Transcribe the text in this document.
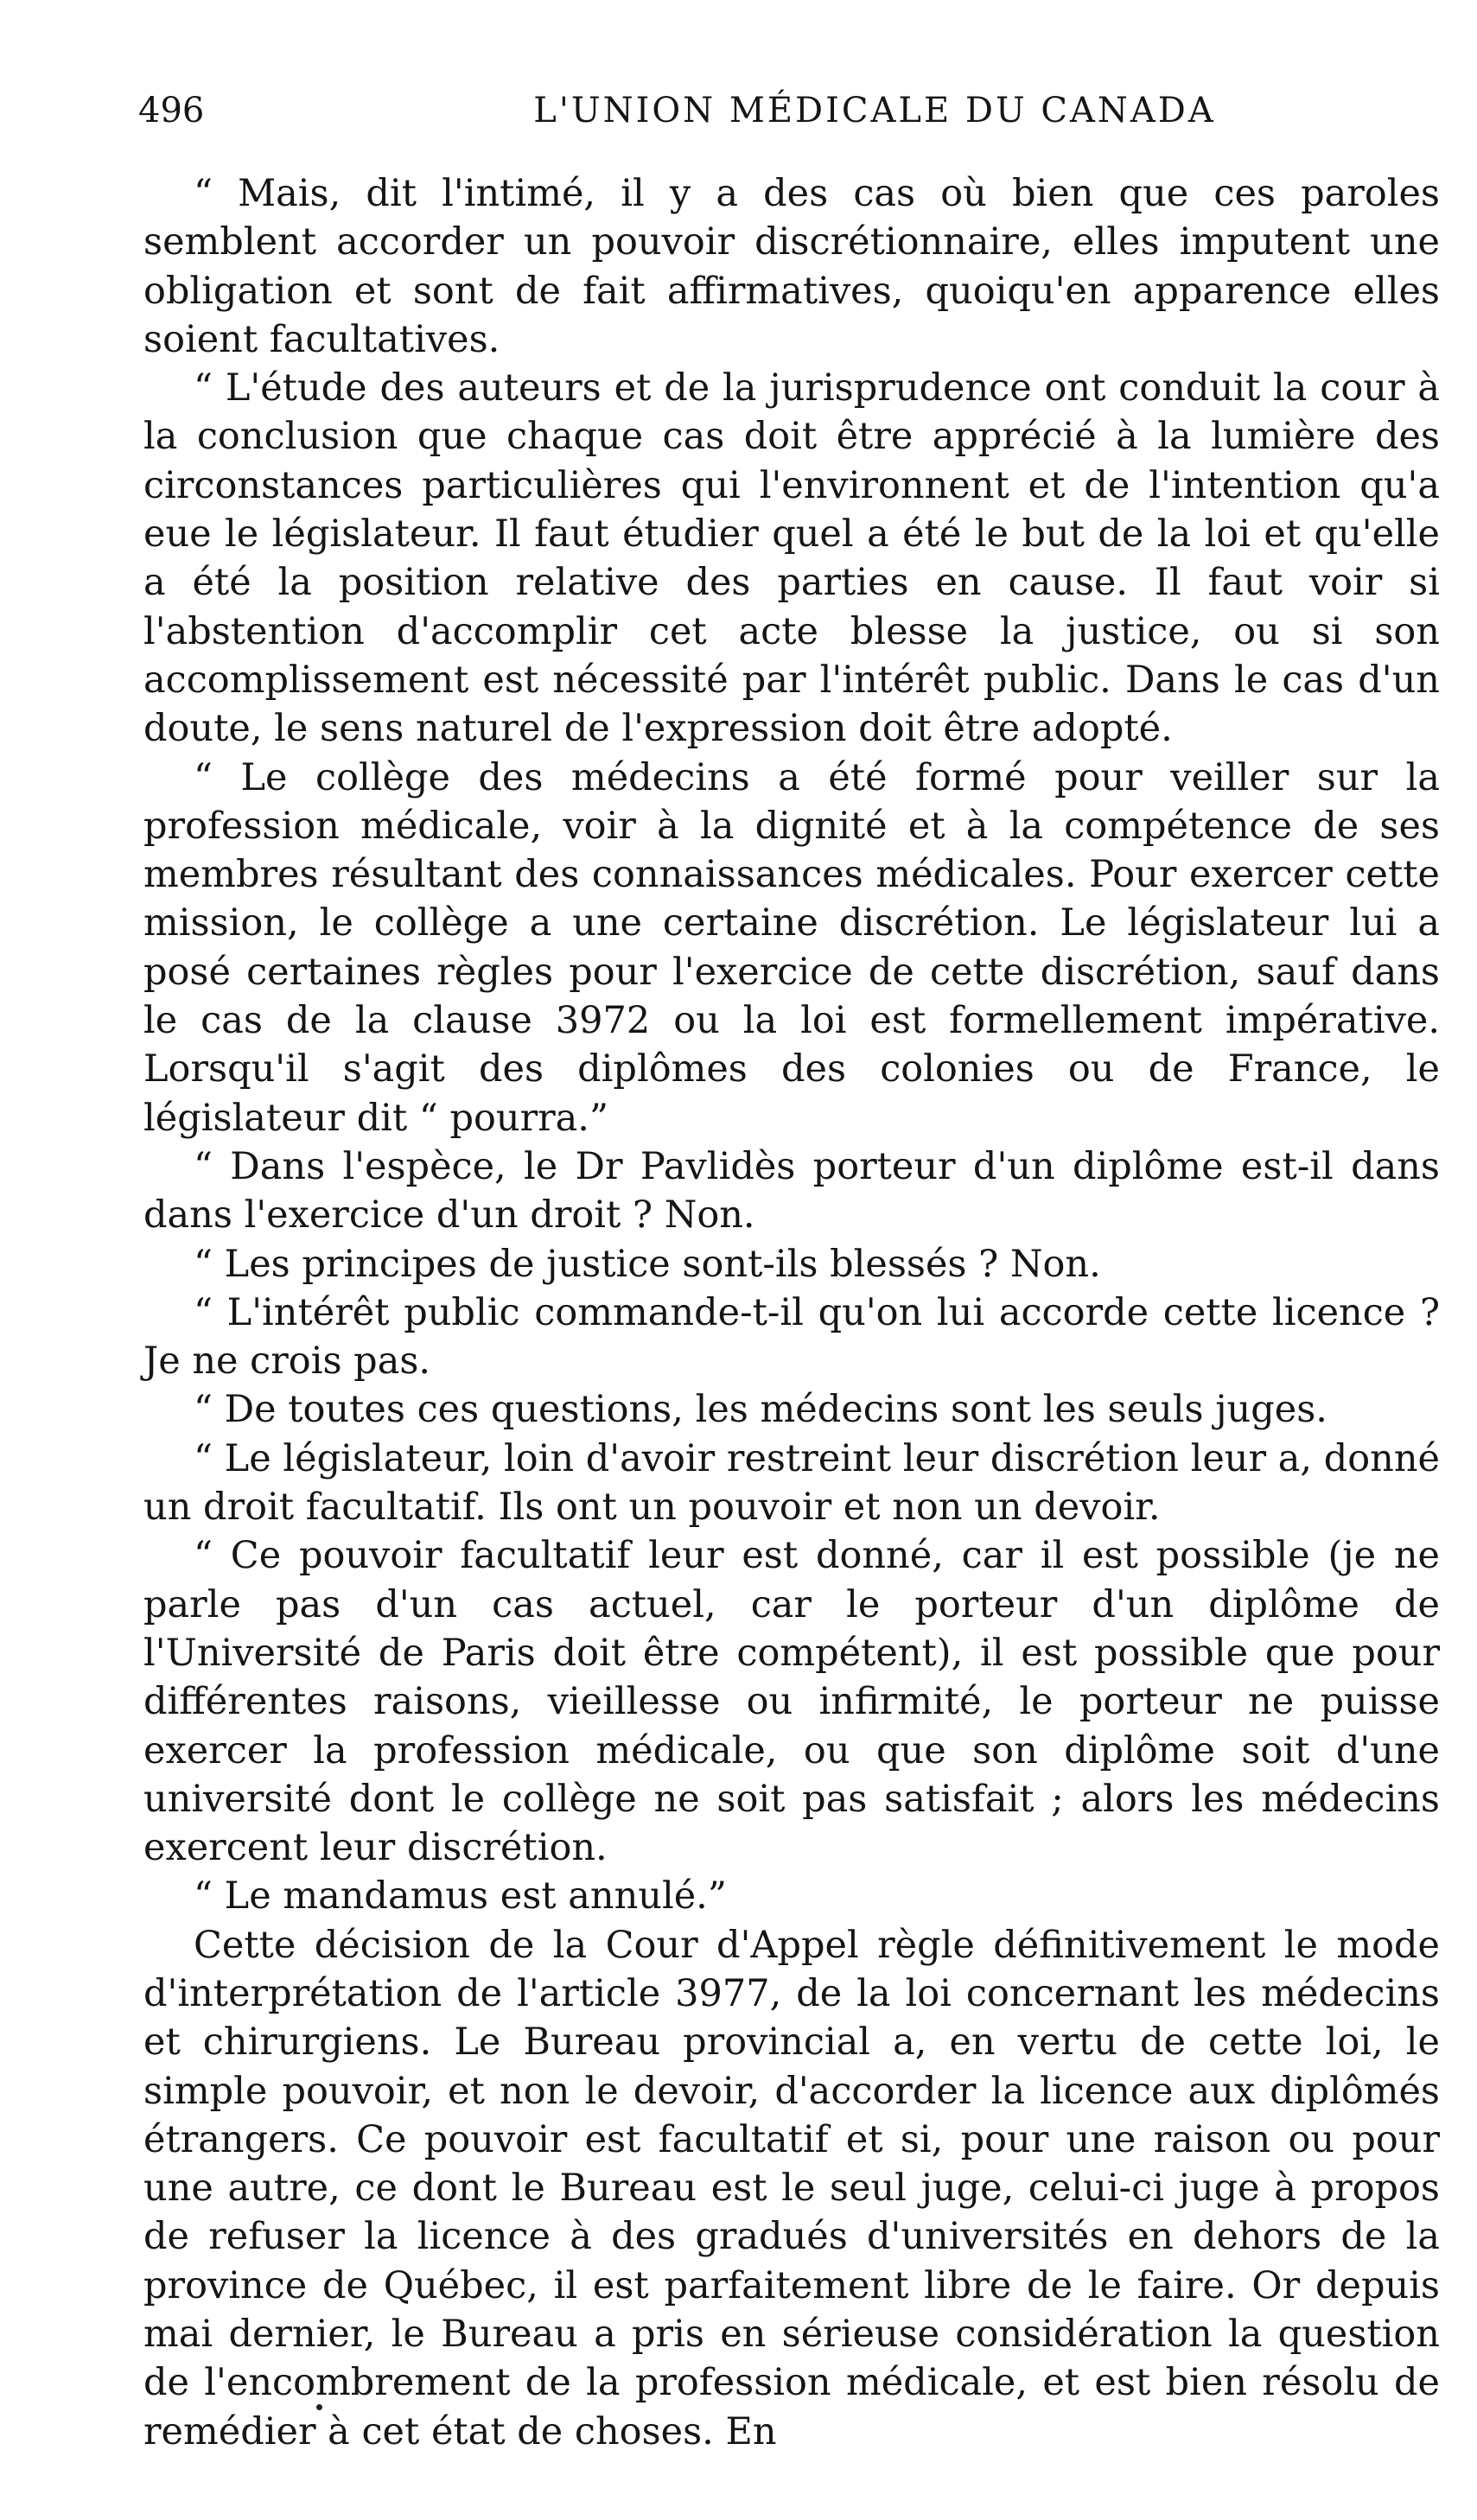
496	L'UNION MÉDICALE DU CANADA

“ Mais, dit l'intimé, il y a des cas où bien que ces paroles semblent accorder un pouvoir discrétionnaire, elles imputent une obligation et sont de fait affirmatives, quoiqu'en apparence elles soient facultatives.

“ L'étude des auteurs et de la jurisprudence ont conduit la cour à la conclusion que chaque cas doit être apprécié à la lumière des circonstances particulières qui l'environnent et de l'intention qu'a eue le législateur. Il faut étudier quel a été le but de la loi et qu'elle a été la position relative des parties en cause. Il faut voir si l'abstention d'accomplir cet acte blesse la justice, ou si son accomplissement est nécessité par l'intérêt public. Dans le cas d'un doute, le sens naturel de l'expression doit être adopté.

“ Le collège des médecins a été formé pour veiller sur la profession médicale, voir à la dignité et à la compétence de ses membres résultant des connaissances médicales. Pour exercer cette mission, le collège a une certaine discrétion. Le législateur lui a posé certaines règles pour l'exercice de cette discrétion, sauf dans le cas de la clause 3972 ou la loi est formellement impérative. Lorsqu'il s'agit des diplômes des colonies ou de France, le législateur dit “ pourra.”

“ Dans l'espèce, le Dr Pavlidès porteur d'un diplôme est-il dans dans l'exercice d'un droit ? Non.

“ Les principes de justice sont-ils blessés ? Non.

“ L'intérêt public commande-t-il qu'on lui accorde cette licence ? Je ne crois pas.

“ De toutes ces questions, les médecins sont les seuls juges.

“ Le législateur, loin d'avoir restreint leur discrétion leur a, donné un droit facultatif. Ils ont un pouvoir et non un devoir.

“ Ce pouvoir facultatif leur est donné, car il est possible (je ne parle pas d'un cas actuel, car le porteur d'un diplôme de l'Université de Paris doit être compétent), il est possible que pour différentes raisons, vieillesse ou infirmité, le porteur ne puisse exercer la profession médicale, ou que son diplôme soit d'une université dont le collège ne soit pas satisfait ; alors les médecins exercent leur discrétion.

“ Le mandamus est annulé.”

Cette décision de la Cour d'Appel règle définitivement le mode d'interprétation de l'article 3977, de la loi concernant les médecins et chirurgiens. Le Bureau provincial a, en vertu de cette loi, le simple pouvoir, et non le devoir, d'accorder la licence aux diplômés étrangers. Ce pouvoir est facultatif et si, pour une raison ou pour une autre, ce dont le Bureau est le seul juge, celui-ci juge à propos de refuser la licence à des gradués d'universités en dehors de la province de Québec, il est parfaitement libre de le faire. Or depuis mai dernier, le Bureau a pris en sérieuse considération la question de l'encombrement de la profession médicale, et est bien résolu de remédier à cet état de choses. En
